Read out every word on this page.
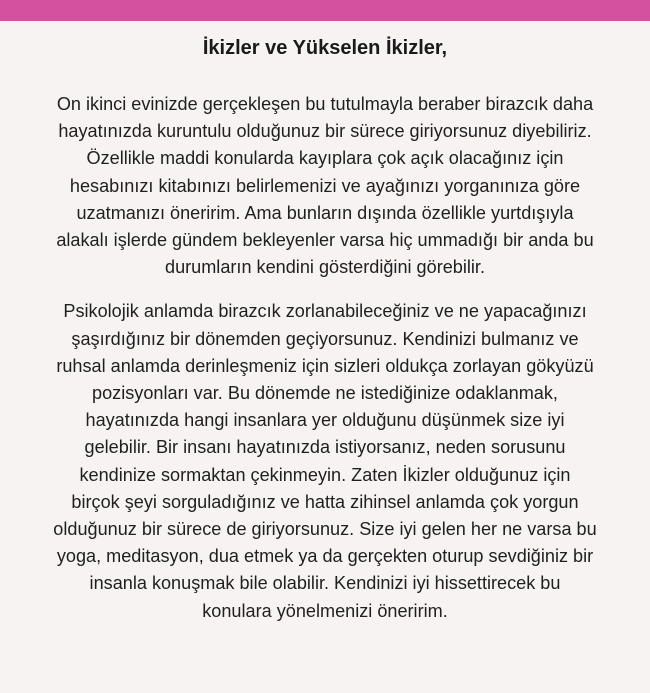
İkizler ve Yükselen İkizler,

On ikinci evinizde gerçekleşen bu tutulmayla beraber birazcık daha
hayatınızda kuruntulu olduğunuz bir sürece giriyorsunuz diyebiliriz.
Özellikle maddi konularda kayıplara çok açık olacağınız için
hesabınızı kitabınızı belirlemenizi ve ayağınızı yorganınıza göre
uzatmanızı öneririm. Ama bunların dışında özellikle yurtdışıyla
alakalı işlerde gündem bekleyenler varsa hiç ummadığı bir anda bu
durumların kendini gösterdiğini görebilir.

Psikolojik anlamda birazcık zorlanabileceğiniz ve ne yapacağınızı
şaşırdığınız bir dönemden geçiyorsunuz. Kendinizi bulmanız ve
ruhsal anlamda derinleşmeniz için sizleri oldukça zorlayan gökyüzü
pozisyonları var. Bu dönemde ne istediğinize odaklanmak,
hayatınızda hangi insanlara yer olduğunu düşünmek size iyi
gelebilir. Bir insanı hayatınızda istiyorsanız, neden sorusunu
kendinize sormaktan çekinmeyin. Zaten İkizler olduğunuz için
birçok şeyi sorguladığınız ve hatta zihinsel anlamda çok yorgun
olduğunuz bir sürece de giriyorsunuz. Size iyi gelen her ne varsa bu
yoga, meditasyon, dua etmek ya da gerçekten oturup sevdiğiniz bir
insanla konuşmak bile olabilir. Kendinizi iyi hissettirecek bu
konulara yönelmenizi öneririm.
